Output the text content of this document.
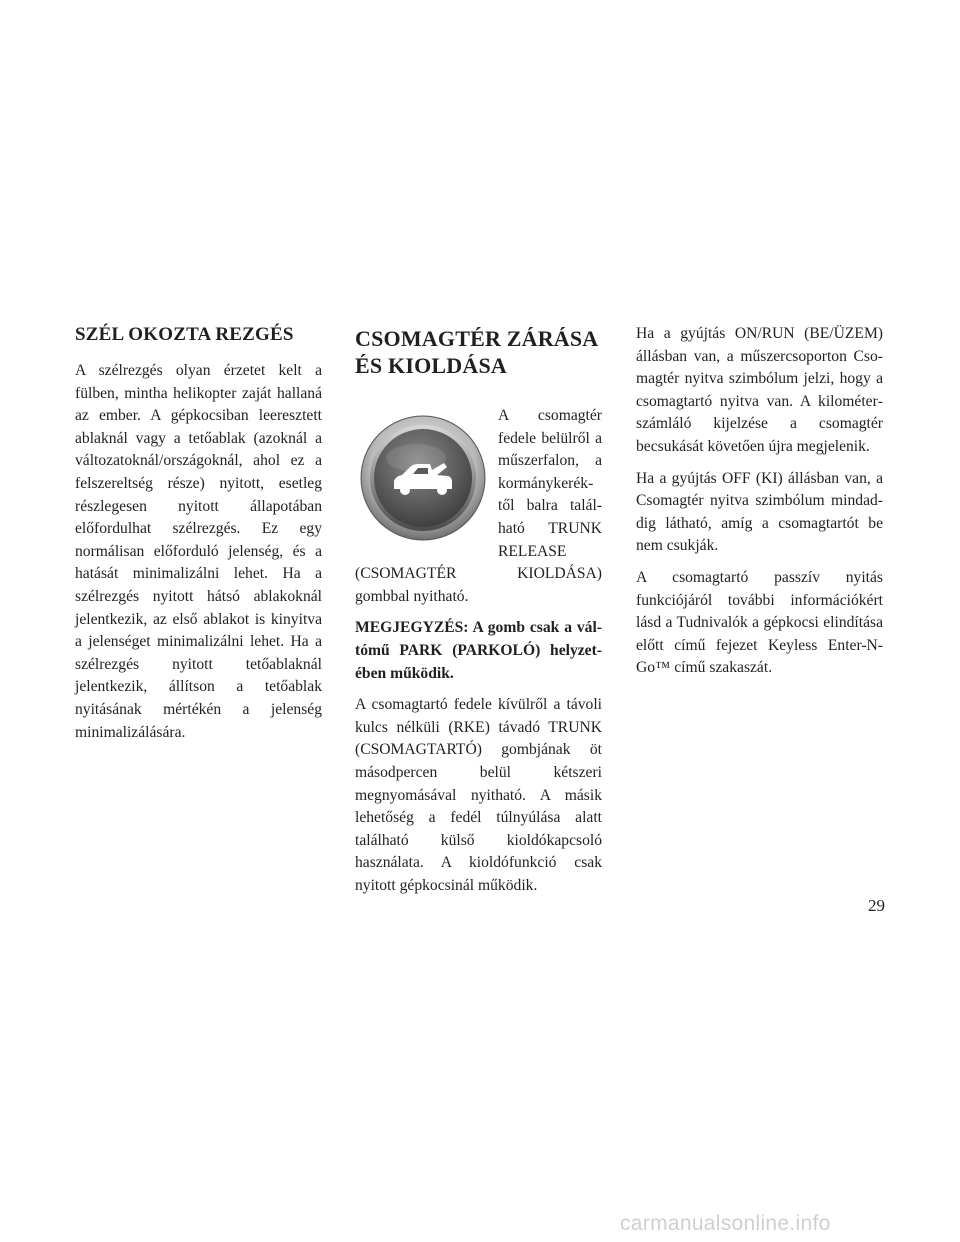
SZÉL OKOZTA REZGÉS

A szélrezgés olyan érzetet kelt a fülben, mintha helikopter zaját hallaná az ember. A gépkocsiban leeresztett ablaknál vagy a tetőablak (azoknál a változatoknál/országoknál, ahol ez a felszereltség része) nyitott, esetleg részlegesen nyitott állapotában előfordulhat szélrezgés. Ez egy normálisan előforduló jelenség, és a hatását minimalizálni lehet. Ha a szélrezgés nyitott hátsó ablakoknál jelentkezik, az első ablakot is kinyitva a jelenséget minimalizálni lehet. Ha a szélrezgés nyitott tetőablaknál jelentkezik, állítson a tetőablak nyitásának mértékén a jelenség minimalizálására.

CSOMAGTÉR ZÁRÁSA
ÉS KIOLDÁSA

A csomagtér fedele belülről a műszerfalon, a kormánykeréktől balra található TRUNK RELEASE (CSOMAGTÉR KIOLDÁSA) gombbal nyitható.

MEGJEGYZÉS: A gomb csak a váltómű PARK (PARKOLÓ) helyzetében működik.

A csomagtartó fedele kívülről a távoli kulcs nélküli (RKE) távadó TRUNK (CSOMAGTARTÓ) gombjának öt másodpercen belül kétszeri megnyomásával nyitható. A másik lehetőség a fedél túlnyúlása alatt található külső kioldókapcsoló használata. A kioldófunkció csak nyitott gépkocsinál működik.

Ha a gyújtás ON/RUN (BE/ÜZEM) állásban van, a műszercsoporton Csomagtér nyitva szimbólum jelzi, hogy a csomagtartó nyitva van. A kilométerszámláló kijelzése a csomagtér becsukását követően újra megjelenik.

Ha a gyújtás OFF (KI) állásban van, a Csomagtér nyitva szimbólum mindaddig látható, amíg a csomagtartót be nem csukják.

A csomagtartó passzív nyitás funkciójáról további információkért lásd a Tudnivalók a gépkocsi elindítása előtt című fejezet Keyless Enter-N-Go™ című szakaszát.

29
carmanualsonline.info
